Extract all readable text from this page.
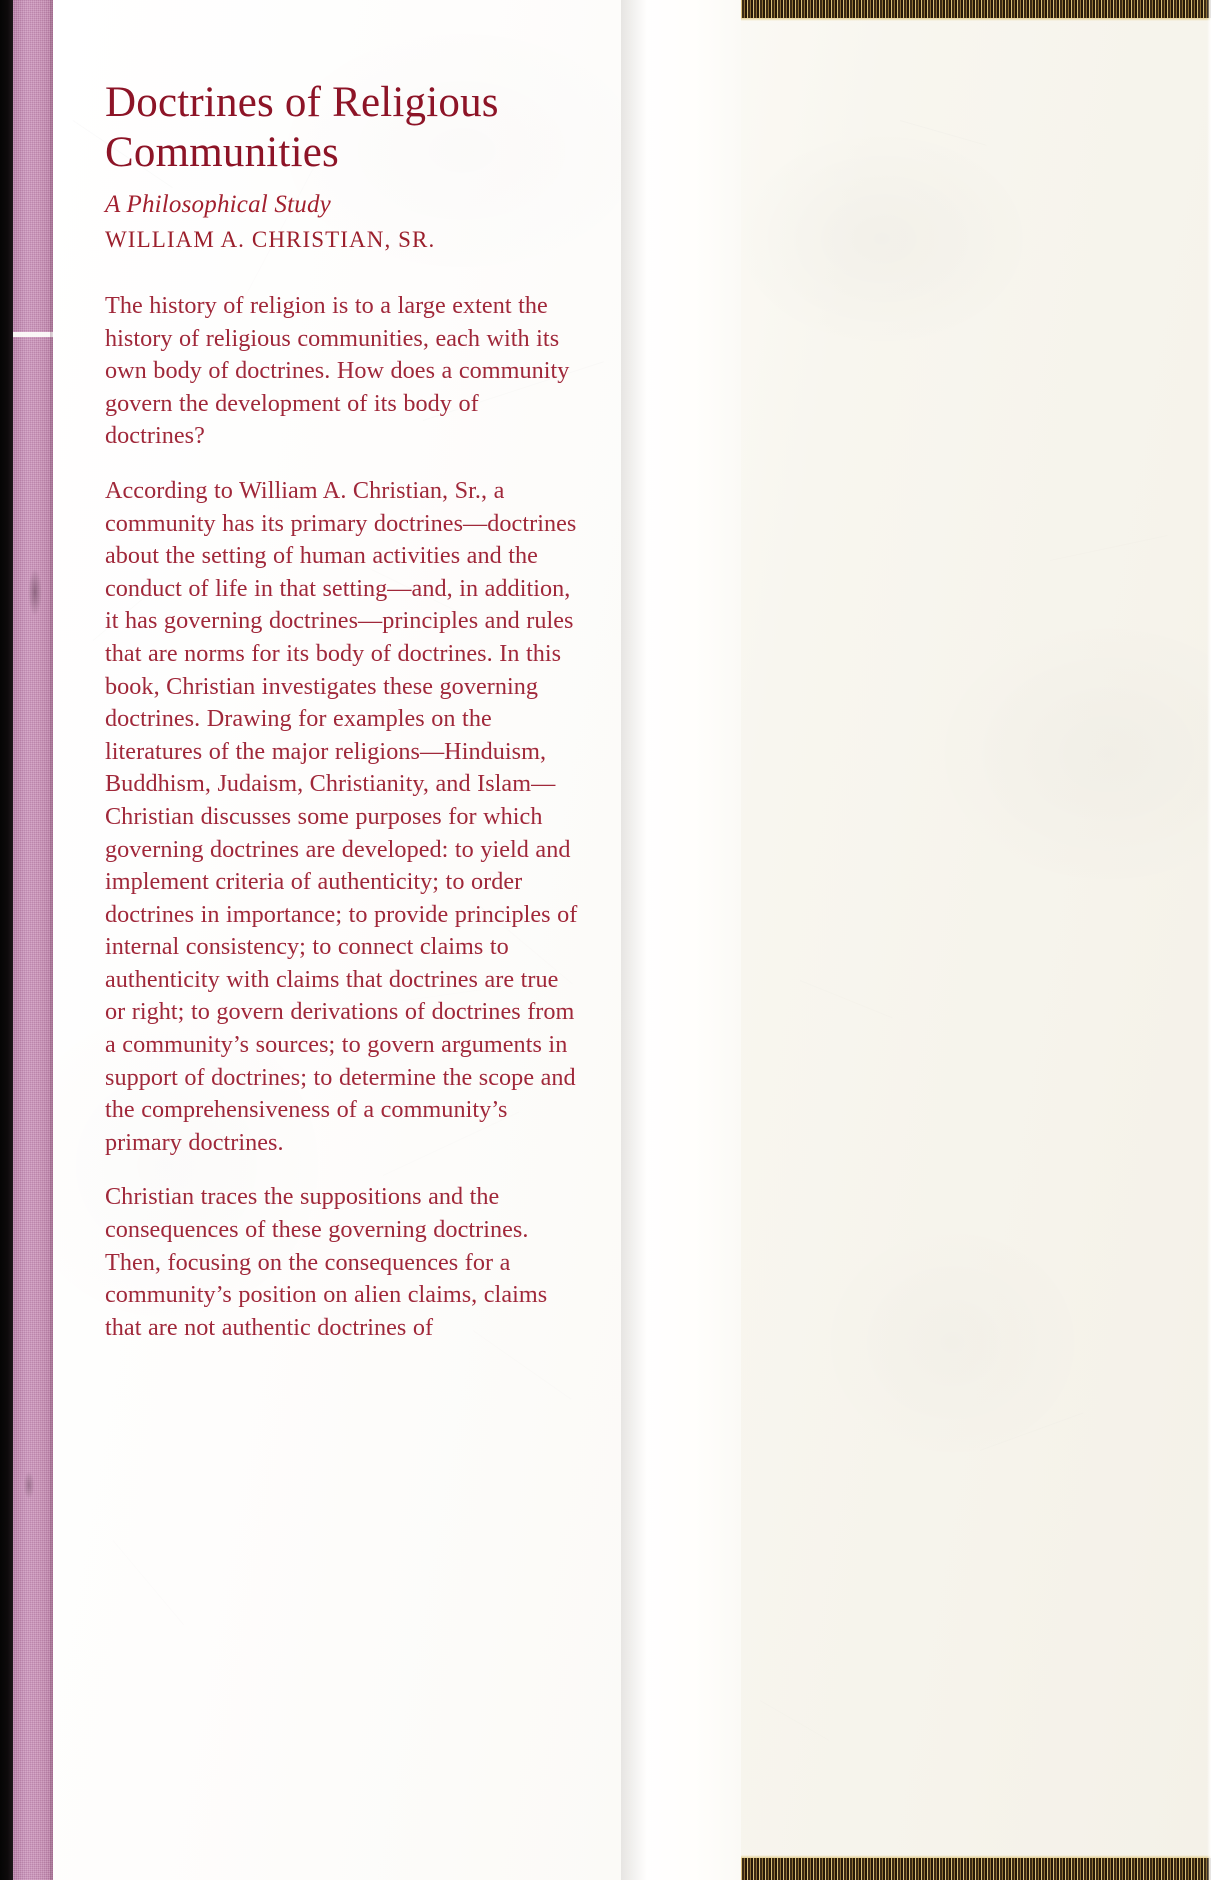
Doctrines of Religious Communities

A Philosophical Study

WILLIAM A. CHRISTIAN, SR.

The history of religion is to a large extent the history of religious communities, each with its own body of doctrines. How does a community govern the development of its body of doctrines?

According to William A. Christian, Sr., a community has its primary doctrines—doctrines about the setting of human activities and the conduct of life in that setting—and, in addition, it has governing doctrines—principles and rules that are norms for its body of doctrines. In this book, Christian investigates these governing doctrines. Drawing for examples on the literatures of the major religions—Hinduism, Buddhism, Judaism, Christianity, and Islam—Christian discusses some purposes for which governing doctrines are developed: to yield and implement criteria of authenticity; to order doctrines in importance; to provide principles of internal consistency; to connect claims to authenticity with claims that doctrines are true or right; to govern derivations of doctrines from a community’s sources; to govern arguments in support of doctrines; to determine the scope and the comprehensiveness of a community’s primary doctrines.

Christian traces the suppositions and the consequences of these governing doctrines. Then, focusing on the consequences for a community’s position on alien claims, claims that are not authentic doctrines of
